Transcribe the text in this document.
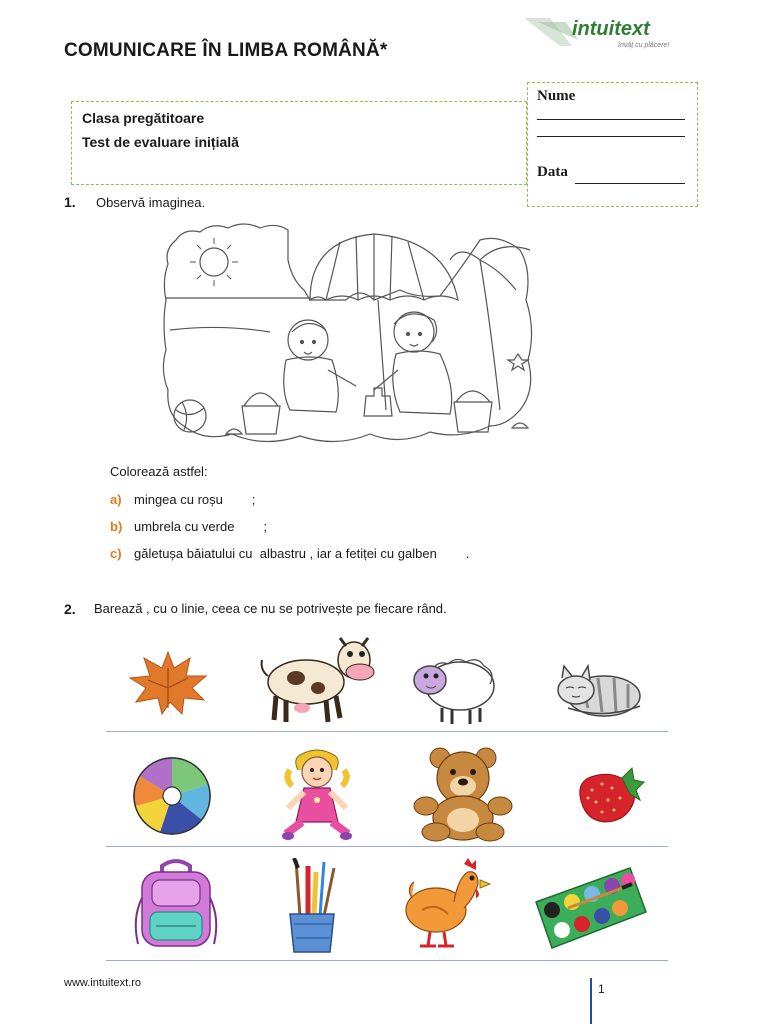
COMUNICARE ÎN LIMBA ROMÂNĂ*
intuitext
învăț cu plăcere!
Clasa pregătitoare
Test de evaluare inițială
Nume
Data
1. Observă imaginea.
Colorează astfel:
a) mingea cu roșu        ;
b) umbrela cu verde        ;
c) găletușa băiatului cu  albastru , iar a fetiței cu galben        .
2. Barează , cu o linie, ceea ce nu se potrivește pe fiecare rând.
www.intuitext.ro	1
